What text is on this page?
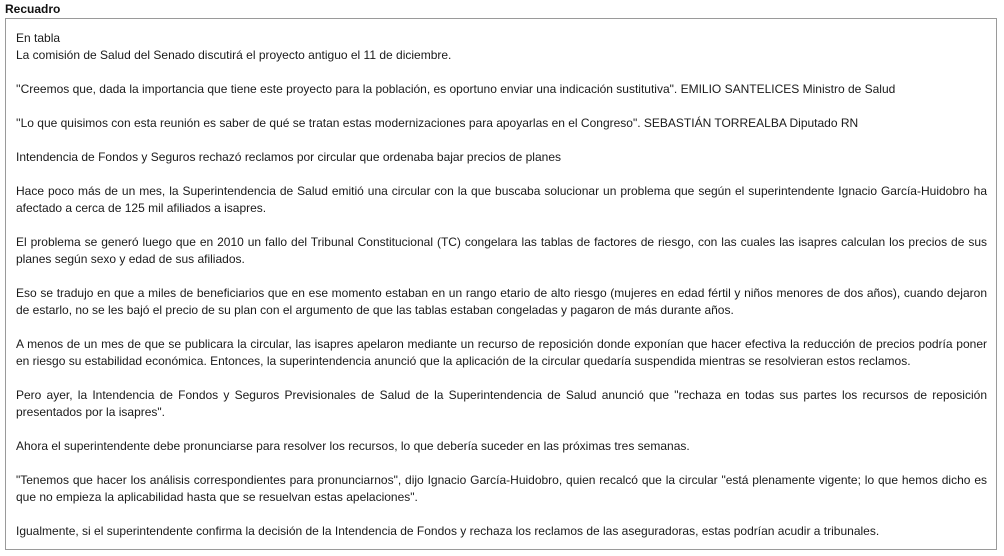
Recuadro

En tabla

La comisión de Salud del Senado discutirá el proyecto antiguo el 11 de diciembre.

''Creemos que, dada la importancia que tiene este proyecto para la población, es oportuno enviar una indicación sustitutiva". EMILIO SANTELICES Ministro de Salud

''Lo que quisimos con esta reunión es saber de qué se tratan estas modernizaciones para apoyarlas en el Congreso". SEBASTIÁN TORREALBA Diputado RN

Intendencia de Fondos y Seguros rechazó reclamos por circular que ordenaba bajar precios de planes

Hace poco más de un mes, la Superintendencia de Salud emitió una circular con la que buscaba solucionar un problema que según el superintendente Ignacio García-Huidobro ha afectado a cerca de 125 mil afiliados a isapres.

El problema se generó luego que en 2010 un fallo del Tribunal Constitucional (TC) congelara las tablas de factores de riesgo, con las cuales las isapres calculan los precios de sus planes según sexo y edad de sus afiliados.

Eso se tradujo en que a miles de beneficiarios que en ese momento estaban en un rango etario de alto riesgo (mujeres en edad fértil y niños menores de dos años), cuando dejaron de estarlo, no se les bajó el precio de su plan con el argumento de que las tablas estaban congeladas y pagaron de más durante años.

A menos de un mes de que se publicara la circular, las isapres apelaron mediante un recurso de reposición donde exponían que hacer efectiva la reducción de precios podría poner en riesgo su estabilidad económica. Entonces, la superintendencia anunció que la aplicación de la circular quedaría suspendida mientras se resolvieran estos reclamos.

Pero ayer, la Intendencia de Fondos y Seguros Previsionales de Salud de la Superintendencia de Salud anunció que "rechaza en todas sus partes los recursos de reposición presentados por la isapres".

Ahora el superintendente debe pronunciarse para resolver los recursos, lo que debería suceder en las próximas tres semanas.

"Tenemos que hacer los análisis correspondientes para pronunciarnos", dijo Ignacio García-Huidobro, quien recalcó que la circular "está plenamente vigente; lo que hemos dicho es que no empieza la aplicabilidad hasta que se resuelvan estas apelaciones".

Igualmente, si el superintendente confirma la decisión de la Intendencia de Fondos y rechaza los reclamos de las aseguradoras, estas podrían acudir a tribunales.
